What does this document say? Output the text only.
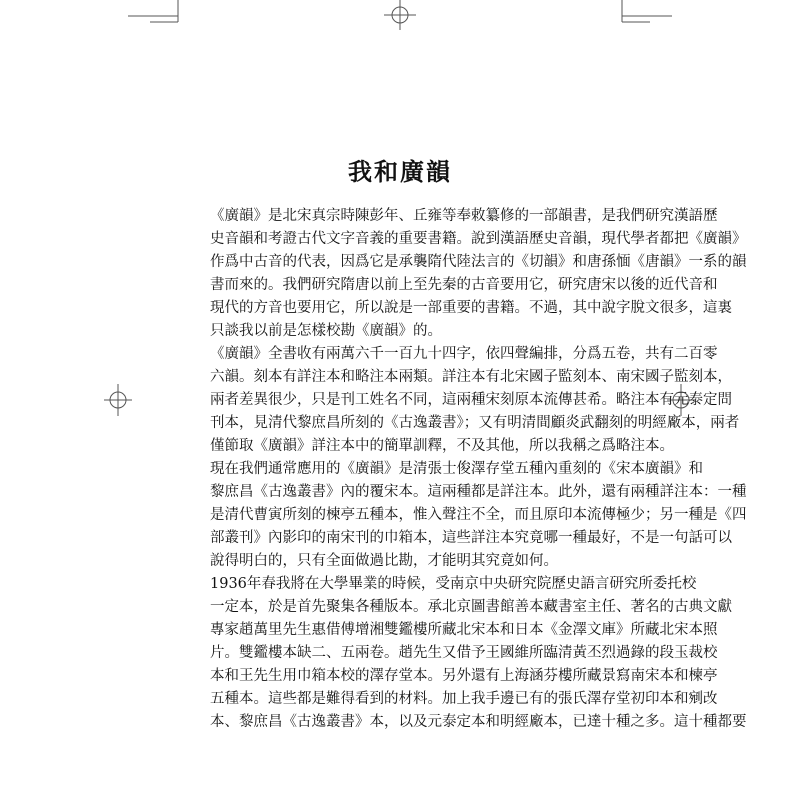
我和廣韻
《廣韻》是北宋真宗時陳彭年、丘雍等奉敕纂修的一部韻書，是我們研究漢語歷
史音韻和考證古代文字音義的重要書籍。說到漢語歷史音韻，現代學者都把《廣韻》
作爲中古音的代表，因爲它是承襲隋代陸法言的《切韻》和唐孫愐《唐韻》一系的韻
書而來的。我們研究隋唐以前上至先秦的古音要用它，研究唐宋以後的近代音和
現代的方音也要用它，所以說是一部重要的書籍。不過，其中說字脫文很多，這裏
只談我以前是怎樣校勘《廣韻》的。
《廣韻》全書收有兩萬六千一百九十四字，依四聲編排，分爲五卷，共有二百零
六韻。刻本有詳注本和略注本兩類。詳注本有北宋國子監刻本、南宋國子監刻本，
兩者差異很少，只是刊工姓名不同，這兩種宋刻原本流傳甚希。略注本有元泰定問
刊本，見清代黎庶昌所刻的《古逸叢書》；又有明清間顧炎武翻刻的明經廠本，兩者
僅節取《廣韻》詳注本中的簡單訓釋，不及其他，所以我稱之爲略注本。
現在我們通常應用的《廣韻》是清張士俊澤存堂五種內重刻的《宋本廣韻》和
黎庶昌《古逸叢書》內的覆宋本。這兩種都是詳注本。此外，還有兩種詳注本：一種
是清代曹寅所刻的楝亭五種本，惟入聲注不全，而且原印本流傳極少；另一種是《四
部叢刊》內影印的南宋刊的巾箱本，這些詳注本究竟哪一種最好，不是一句話可以
說得明白的，只有全面做過比勘，才能明其究竟如何。
1936年春我將在大學畢業的時候，受南京中央研究院歷史語言研究所委托校
一定本，於是首先聚集各種版本。承北京圖書館善本藏書室主任、著名的古典文獻
專家趙萬里先生惠借傅增湘雙鑑樓所藏北宋本和日本《金澤文庫》所藏北宋本照
片。雙鑑樓本缺二、五兩卷。趙先生又借予王國維所臨清黃丕烈過錄的段玉裁校
本和王先生用巾箱本校的澤存堂本。另外還有上海涵芬樓所藏景寫南宋本和楝亭
五種本。這些都是難得看到的材料。加上我手邊已有的張氏澤存堂初印本和剜改
本、黎庶昌《古逸叢書》本，以及元泰定本和明經廠本，已達十種之多。這十種都要
